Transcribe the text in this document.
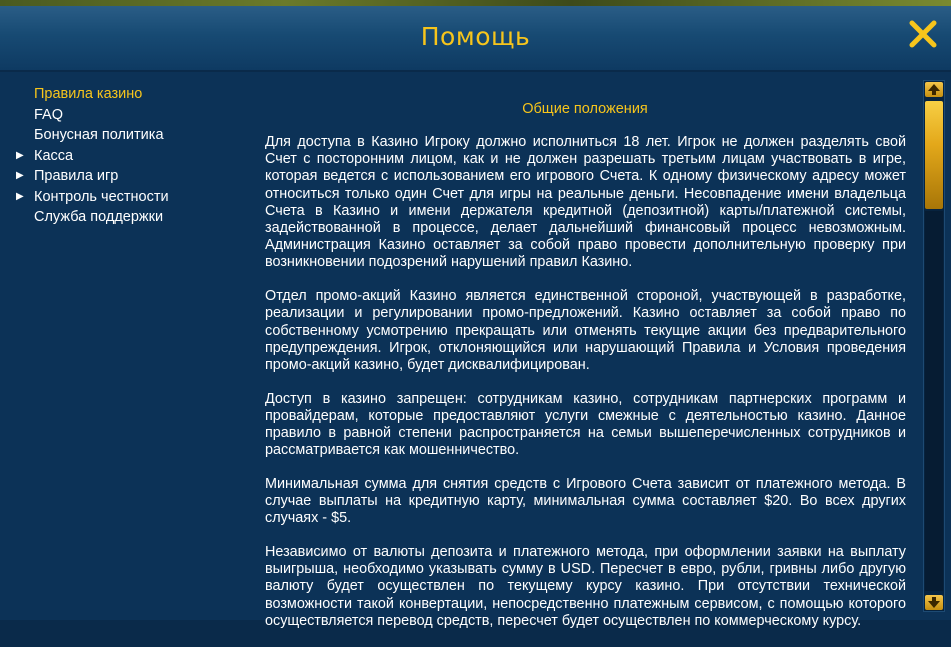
Помощь
Правила казино
FAQ
Бонусная политика
▶ Касса
▶ Правила игр
▶ Контроль честности
Служба поддержки
Общие положения

Для доступа в Казино Игроку должно исполниться 18 лет. Игрок не должен разделять свой Счет с посторонним лицом, как и не должен разрешать третьим лицам участвовать в игре, которая ведется с использованием его игрового Счета. К одному физическому адресу может относиться только один Счет для игры на реальные деньги. Несовпадение имени владельца Счета в Казино и имени держателя кредитной (депозитной) карты/платежной системы, задействованной в процессе, делает дальнейший финансовый процесс невозможным. Администрация Казино оставляет за собой право провести дополнительную проверку при возникновении подозрений нарушений правил Казино.

Отдел промо-акций Казино является единственной стороной, участвующей в разработке, реализации и регулировании промо-предложений. Казино оставляет за собой право по собственному усмотрению прекращать или отменять текущие акции без предварительного предупреждения. Игрок, отклоняющийся или нарушающий Правила и Условия проведения промо-акций казино, будет дисквалифицирован.

Доступ в казино запрещен: сотрудникам казино, сотрудникам партнерских программ и провайдерам, которые предоставляют услуги смежные с деятельностью казино. Данное правило в равной степени распространяется на семьи вышеперечисленных сотрудников и рассматривается как мошенничество.

Минимальная сумма для снятия средств с Игрового Счета зависит от платежного метода. В случае выплаты на кредитную карту, минимальная сумма составляет $20. Во всех других случаях - $5.

Независимо от валюты депозита и платежного метода, при оформлении заявки на выплату выигрыша, необходимо указывать сумму в USD. Пересчет в евро, рубли, гривны либо другую валюту будет осуществлен по текущему курсу казино. При отсутствии технической возможности такой конвертации, непосредственно платежным сервисом, с помощью которого осуществляется перевод средств, пересчет будет осуществлен по коммерческому курсу.
